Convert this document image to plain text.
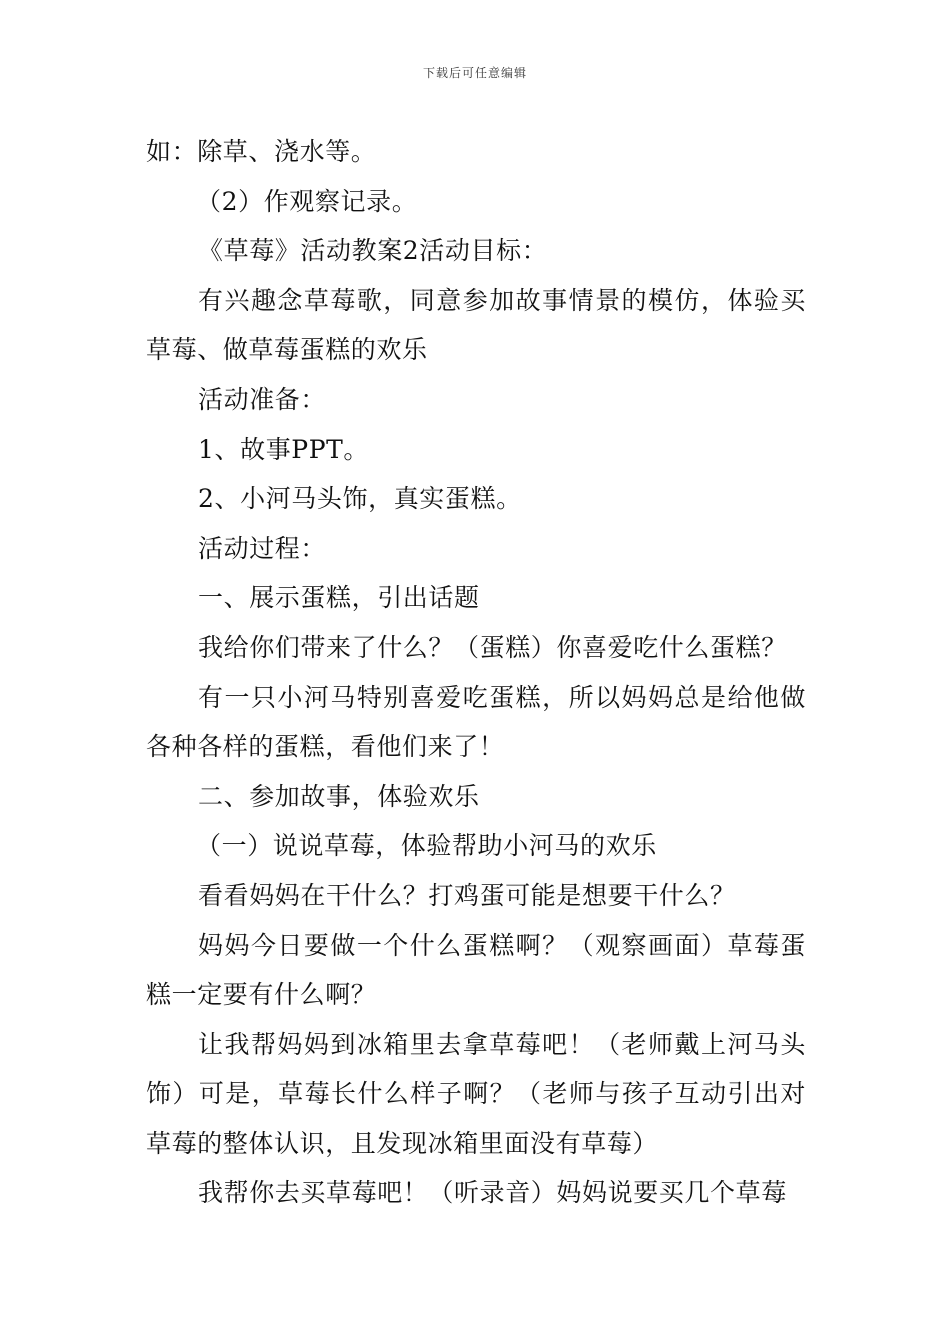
下载后可任意编辑

如：除草、浇水等。

（2）作观察记录。

《草莓》活动教案2活动目标：

有兴趣念草莓歌，同意参加故事情景的模仿，体验买草莓、做草莓蛋糕的欢乐

活动准备：

1、故事PPT。

2、小河马头饰，真实蛋糕。

活动过程：

一、展示蛋糕，引出话题

我给你们带来了什么？（蛋糕）你喜爱吃什么蛋糕？

有一只小河马特别喜爱吃蛋糕，所以妈妈总是给他做各种各样的蛋糕，看他们来了！

二、参加故事，体验欢乐

（一）说说草莓，体验帮助小河马的欢乐

看看妈妈在干什么？打鸡蛋可能是想要干什么？

妈妈今日要做一个什么蛋糕啊？（观察画面）草莓蛋糕一定要有什么啊？

让我帮妈妈到冰箱里去拿草莓吧！（老师戴上河马头饰）可是，草莓长什么样子啊？（老师与孩子互动引出对草莓的整体认识，且发现冰箱里面没有草莓）

我帮你去买草莓吧！（听录音）妈妈说要买几个草莓
